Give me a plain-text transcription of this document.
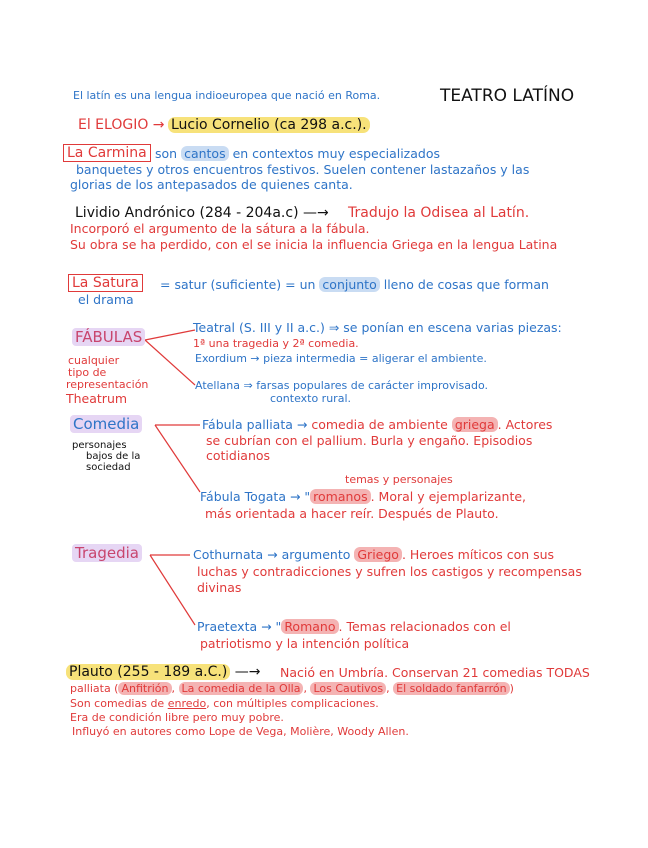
El latín es una lengua indioeuropea que nació en Roma.	TEATRO LATÍNO
El ELOGIO → Lucio Cornelio (ca 298 a.c.).
La Carmina son cantos en contextos muy especializados
banquetes y otros encuentros festivos. Suelen contener lastazaños y las
glorias de los antepasados de quienes canta.
Lividio Andrónico (284 - 204a.c) —→ Tradujo la Odisea al Latín.
Incorporó el argumento de la sátura a la fábula.
Su obra se ha perdido, con el se inicia la influencia Griega en la lengua Latina
La Satura	= satur (suficiente) = un conjunto lleno de cosas que forman
el drama
FÁBULAS
cualquier
tipo de
representación
Theatrum
Teatral (S. III y II a.c.) ⇒ se ponían en escena varias piezas:
1ª una tragedia y 2ª comedia.
Exordium → pieza intermedia = aligerar el ambiente.
Atellana ⇒ farsas populares de carácter improvisado.
contexto rural.
Comedia
personajes
bajos de la
sociedad
Fábula palliata → comedia de ambiente griega . Actores
se cubrían con el pallium. Burla y engaño. Episodios
cotidianos
temas y personajes
Fábula Togata → " romanos . Moral y ejemplarizante,
más orientada a hacer reír. Después de Plauto.
Tragedia	Cothurnata → argumento Griego . Heroes míticos con sus
luchas y contradicciones y sufren los castigos y recompensas
divinas
Praetexta → " Romano . Temas relacionados con el
patriotismo y la intención política
Plauto (255 - 189 a.C.) —→ Nació en Umbría. Conservan 21 comedias TODAS
palliata ( Anfitrión , La comedia de la Olla , Los Cautivos , El soldado fanfarrón )
Son comedias de enredo, con múltiples complicaciones.
Era de condición libre pero muy pobre.
Influyó en autores como Lope de Vega, Molière, Woody Allen.
